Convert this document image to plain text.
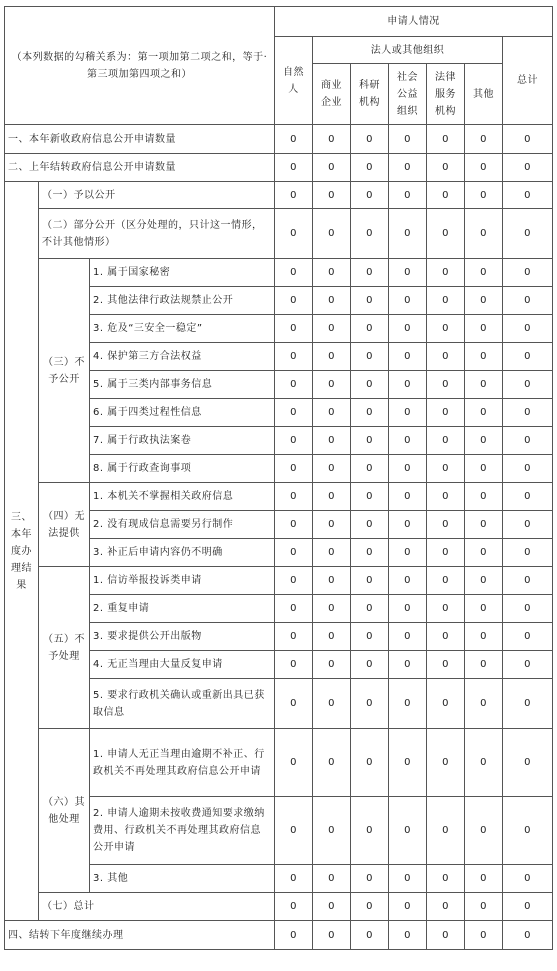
（本列数据的勾稽关系为：第一项加第二项之和，等于·第三项加第四项之和）			申请人情况						
			自然人	法人或其他组织					总计
				商业企业	科研机构	社会公益组织	法律服务机构	其他	
一、本年新收政府信息公开申请数量			0	0	0	0	0	0	0
二、上年结转政府信息公开申请数量			0	0	0	0	0	0	0
三、本年度办理结果	（一）予以公开		0	0	0	0	0	0	0
	（二）部分公开（区分处理的，只计这一情形，不计其他情形）		0	0	0	0	0	0	0
	（三）不予公开	1. 属于国家秘密	0	0	0	0	0	0	0
		2. 其他法律行政法规禁止公开	0	0	0	0	0	0	0
		3. 危及“三安全一稳定”	0	0	0	0	0	0	0
		4. 保护第三方合法权益	0	0	0	0	0	0	0
		5. 属于三类内部事务信息	0	0	0	0	0	0	0
		6. 属于四类过程性信息	0	0	0	0	0	0	0
		7. 属于行政执法案卷	0	0	0	0	0	0	0
		8. 属于行政查询事项	0	0	0	0	0	0	0
	（四）无法提供	1. 本机关不掌握相关政府信息	0	0	0	0	0	0	0
		2. 没有现成信息需要另行制作	0	0	0	0	0	0	0
		3. 补正后申请内容仍不明确	0	0	0	0	0	0	0
	（五）不予处理	1. 信访举报投诉类申请	0	0	0	0	0	0	0
		2. 重复申请	0	0	0	0	0	0	0
		3. 要求提供公开出版物	0	0	0	0	0	0	0
		4. 无正当理由大量反复申请	0	0	0	0	0	0	0
		5. 要求行政机关确认或重新出具已获取信息	0	0	0	0	0	0	0
	（六）其他处理	1. 申请人无正当理由逾期不补正、行政机关不再处理其政府信息公开申请	0	0	0	0	0	0	0
		2. 申请人逾期未按收费通知要求缴纳费用、行政机关不再处理其政府信息公开申请	0	0	0	0	0	0	0
		3. 其他	0	0	0	0	0	0	0
	（七）总计		0	0	0	0	0	0	0
四、结转下年度继续办理			0	0	0	0	0	0	0
